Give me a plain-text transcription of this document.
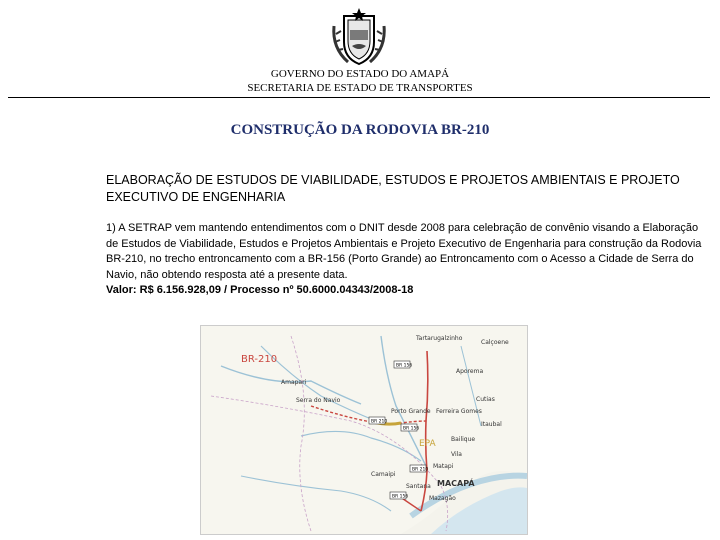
GOVERNO DO ESTADO DO AMAPÁ
SECRETARIA DE ESTADO DE TRANSPORTES
CONSTRUÇÃO DA RODOVIA BR-210
ELABORAÇÃO DE ESTUDOS DE VIABILIDADE, ESTUDOS E PROJETOS AMBIENTAIS E PROJETO EXECUTIVO DE ENGENHARIA

1) A SETRAP vem mantendo entendimentos com o DNIT desde 2008 para celebração de convênio visando a Elaboração de Estudos de Viabilidade, Estudos e Projetos Ambientais e Projeto Executivo de Engenharia para construção da Rodovia BR-210, no trecho entroncamento com a BR-156 (Porto Grande) ao Entroncamento com o Acesso a Cidade de Serra do Navio, não obtendo resposta até a presente data.

Valor: R$ 6.156.928,09 / Processo nº 50.6000.04343/2008-18

BR-210
Tartarugalzinho
Calçoene
Amapari
Serra do Navio
Aporema
Porto Grande Ferreira Gomes
Cutias
Itaubal
Bailique
EPA
Vila
Matapi
Camaipi
Santana MACAPÁ
Mazagão
BR 156
BR 210
BR 156
BR 210
BR 156
